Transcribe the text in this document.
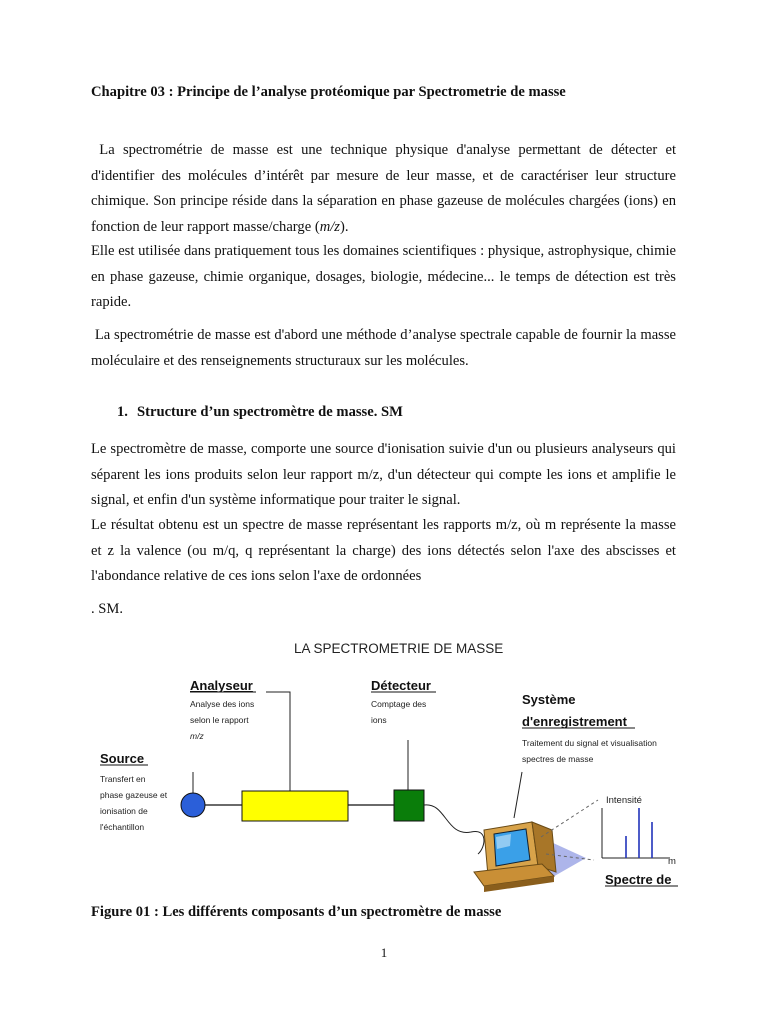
Chapitre 03 : Principe de l’analyse protéomique par Spectrometrie de masse
La spectrométrie de masse est une technique physique d'analyse permettant de détecter et d'identifier des molécules d’intérêt par mesure de leur masse, et de caractériser leur structure chimique. Son principe réside dans la séparation en phase gazeuse de molécules chargées (ions) en fonction de leur rapport masse/charge (m/z).
Elle est utilisée dans pratiquement tous les domaines scientifiques : physique, astrophysique, chimie en phase gazeuse, chimie organique, dosages, biologie, médecine... le temps de détection est très rapide.
La spectrométrie de masse est d'abord une méthode d’analyse spectrale capable de fournir la masse moléculaire et des renseignements structuraux sur les molécules.
1. Structure d’un spectromètre de masse. SM
Le spectromètre de masse, comporte une source d'ionisation suivie d'un ou plusieurs analyseurs qui séparent les ions produits selon leur rapport m/z, d'un détecteur qui compte les ions et amplifie le signal, et enfin d'un système informatique pour traiter le signal.
Le résultat obtenu est un spectre de masse représentant les rapports m/z, où m représente la masse et z la valence (ou m/q, q représentant la charge) des ions détectés selon l'axe des abscisses et l'abondance relative de ces ions selon l'axe de ordonnées
. SM.
LA SPECTROMETRIE DE MASSE
Analyseur
Analyse des ions
selon le rapport
m/z
Détecteur
Comptage des
ions
Système
d'enregistrement
Traitement du signal et visualisation
spectres de masse
Source
Transfert en
phase gazeuse et
ionisation de
l'échantillon
Intensité
m
Spectre de
Figure 01 : Les différents composants d’un spectromètre de masse
1
